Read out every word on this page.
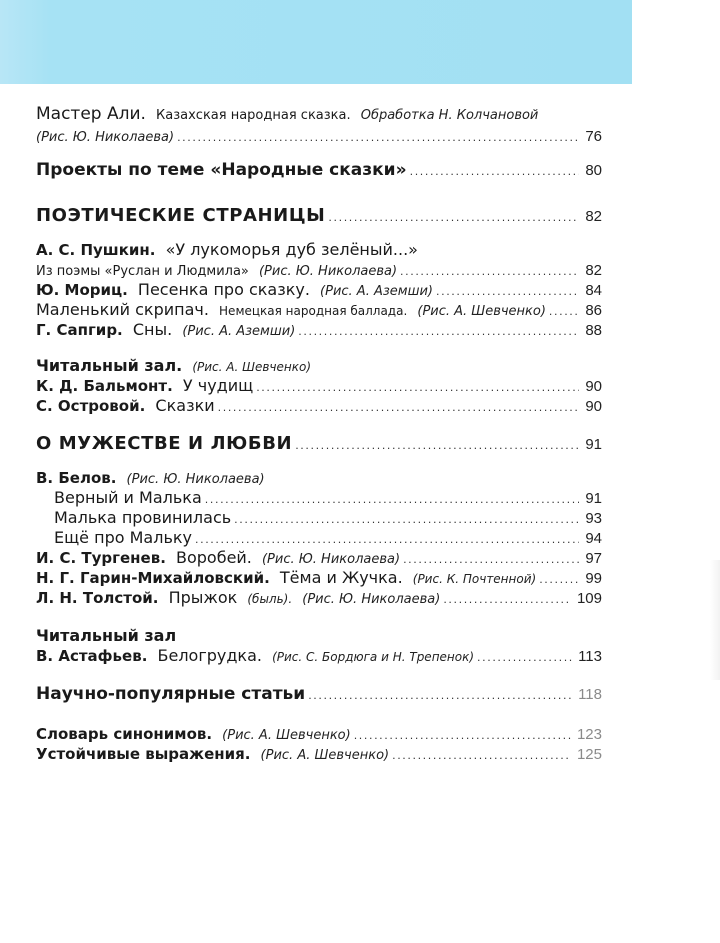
Мастер Али. Казахская народная сказка. Обработка Н. Колчановой
(Рис. Ю. Николаева) .....	76
Проекты по теме «Народные сказки» .....	80
ПОЭТИЧЕСКИЕ СТРАНИЦЫ .....	82
А. С. Пушкин. «У лукоморья дуб зелёный...»
Из поэмы «Руслан и Людмила» (Рис. Ю. Николаева) .....	82
Ю. Мориц. Песенка про сказку. (Рис. А. Аземши) .....	84
Маленький скрипач. Немецкая народная баллада. (Рис. А. Шевченко) .....	86
Г. Сапгир. Сны. (Рис. А. Аземши) .....	88
Читальный зал. (Рис. А. Шевченко)
К. Д. Бальмонт. У чудищ .....	90
С. Островой. Сказки .....	90
О МУЖЕСТВЕ И ЛЮБВИ .....	91
В. Белов. (Рис. Ю. Николаева)
Верный и Малька .....	91
Малька провинилась .....	93
Ещё про Мальку .....	94
И. С. Тургенев. Воробей. (Рис. Ю. Николаева) .....	97
Н. Г. Гарин-Михайловский. Тёма и Жучка. (Рис. К. Почтенной) .....	99
Л. Н. Толстой. Прыжок (быль). (Рис. Ю. Николаева) .....	109
Читальный зал
В. Астафьев. Белогрудка. (Рис. С. Бордюга и Н. Трепенок) .....	113
Научно-популярные статьи .....	118
Словарь синонимов. (Рис. А. Шевченко) .....	123
Устойчивые выражения. (Рис. А. Шевченко) .....	125
